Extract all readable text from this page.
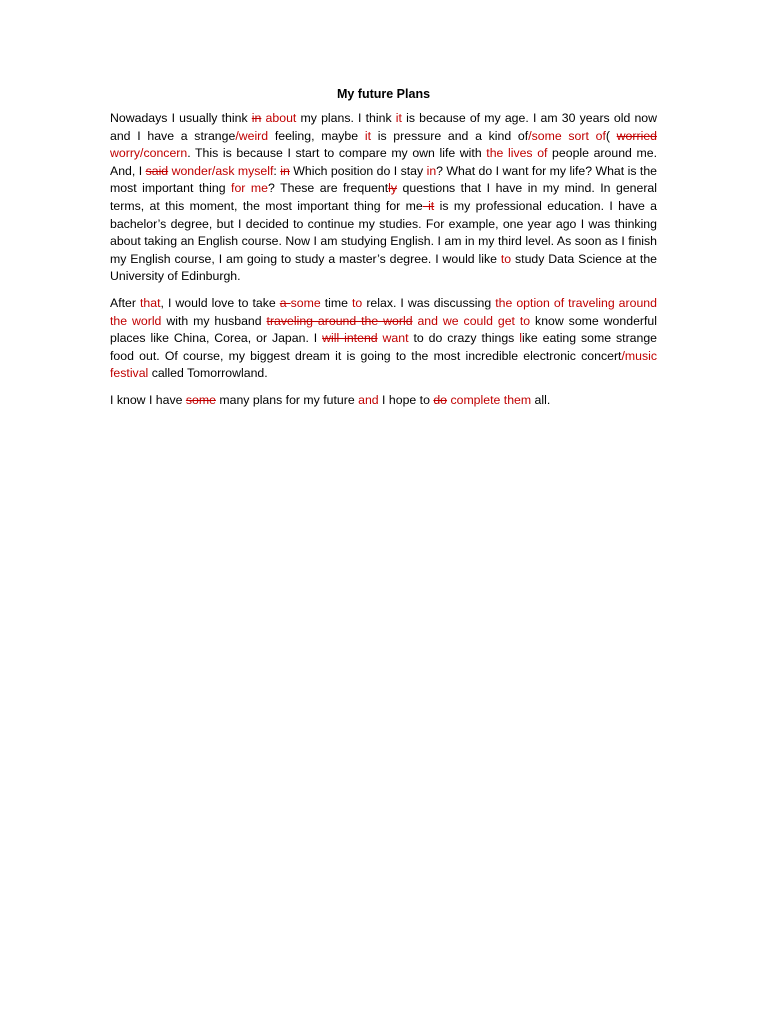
My future Plans

Nowadays I usually think in about my plans. I think it is because of my age. I am 30 years old now and I have a strange/weird feeling, maybe it is pressure and a kind of/some sort of( worried worry/concern. This is because I start to compare my own life with the lives of people around me. And, I said wonder/ask myself: in Which position do I stay in? What do I want for my life? What is the most important thing for me? These are frequently questions that I have in my mind. In general terms, at this moment, the most important thing for me it is my professional education. I have a bachelor’s degree, but I decided to continue my studies. For example, one year ago I was thinking about taking an English course. Now I am studying English. I am in my third level. As soon as I finish my English course, I am going to study a master’s degree. I would like to study Data Science at the University of Edinburgh.

After that, I would love to take a some time to relax. I was discussing the option of traveling around the world with my husband traveling around the world and we could get to know some wonderful places like China, Corea, or Japan. I will intend want to do crazy things like eating some strange food out. Of course, my biggest dream it is going to the most incredible electronic concert/music festival called Tomorrowland.

I know I have some many plans for my future and I hope to do complete them all.
